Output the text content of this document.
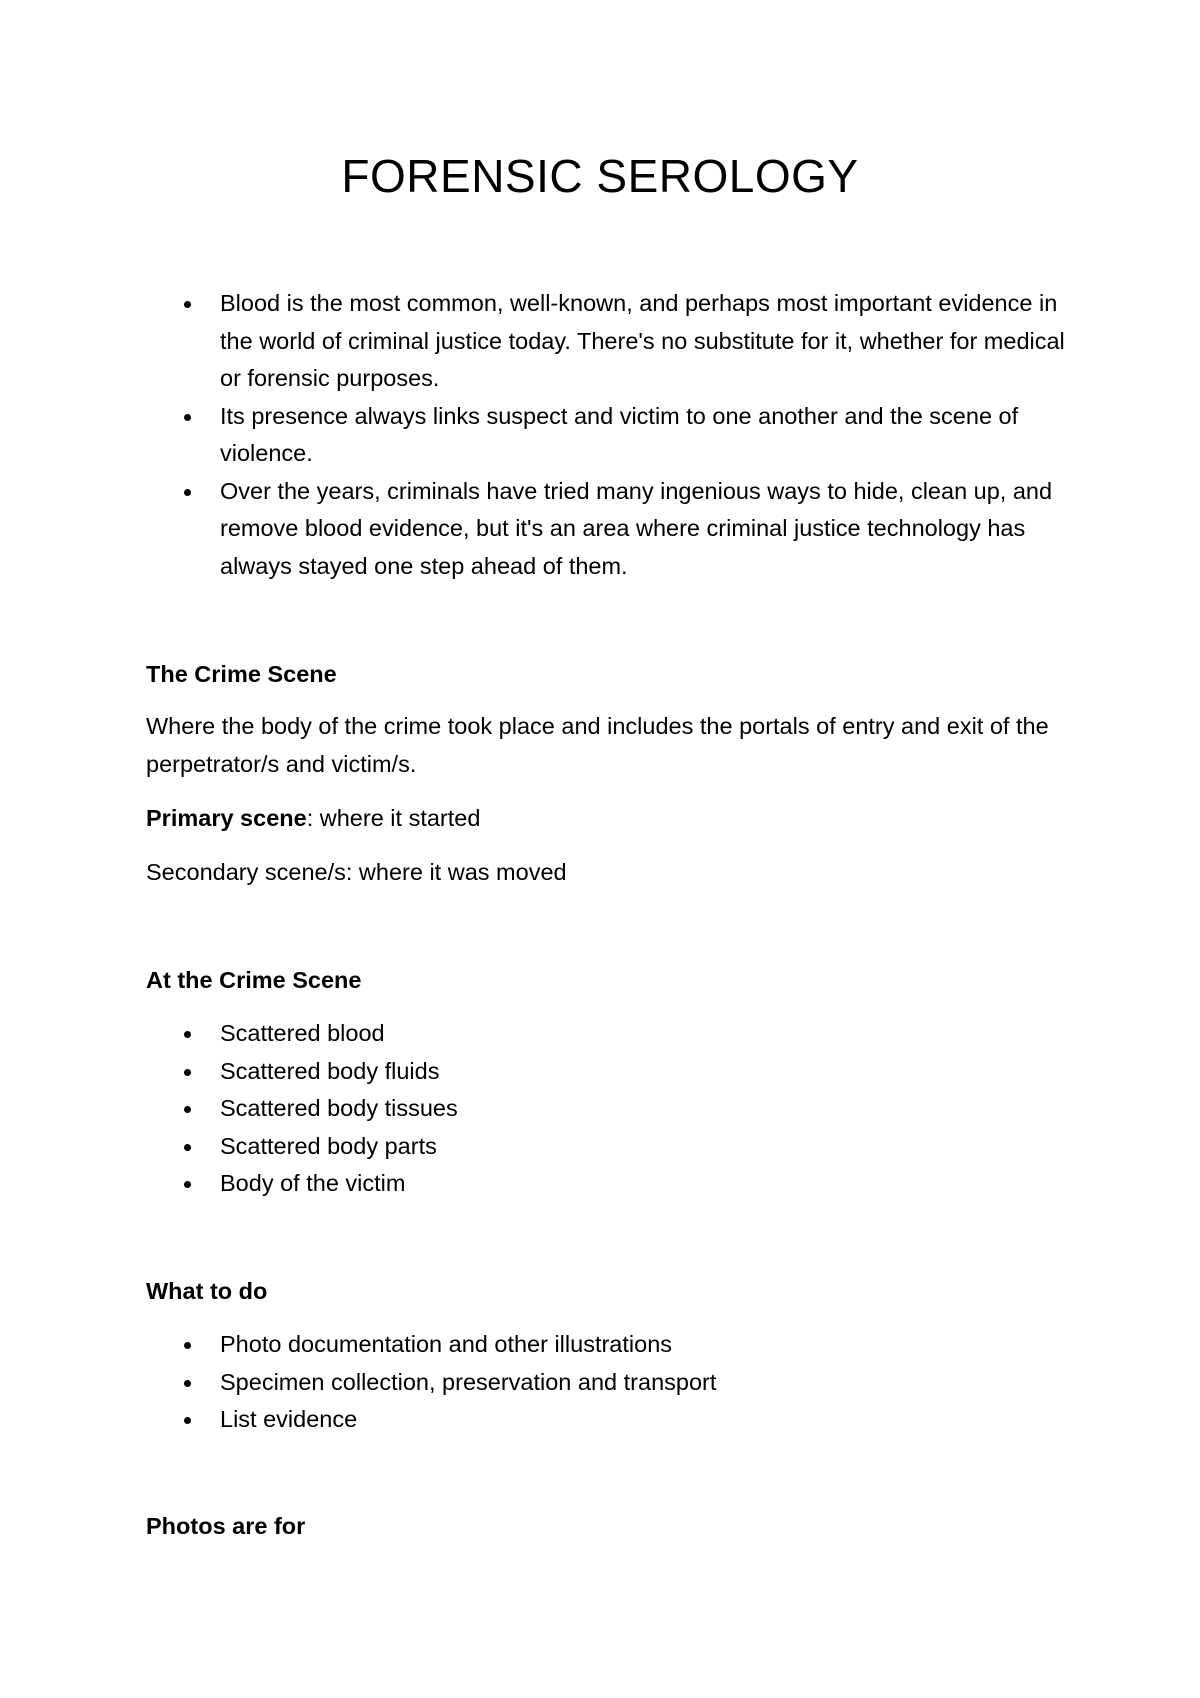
FORENSIC SEROLOGY
Blood is the most common, well-known, and perhaps most important evidence in the world of criminal justice today. There's no substitute for it, whether for medical or forensic purposes.
Its presence always links suspect and victim to one another and the scene of violence.
Over the years, criminals have tried many ingenious ways to hide, clean up, and remove blood evidence, but it's an area where criminal justice technology has always stayed one step ahead of them.
The Crime Scene

Where the body of the crime took place and includes the portals of entry and exit of the perpetrator/s and victim/s.

Primary scene: where it started

Secondary scene/s: where it was moved

At the Crime Scene
Scattered blood
Scattered body fluids
Scattered body tissues
Scattered body parts
Body of the victim
What to do
Photo documentation and other illustrations
Specimen collection, preservation and transport
List evidence
Photos are for
